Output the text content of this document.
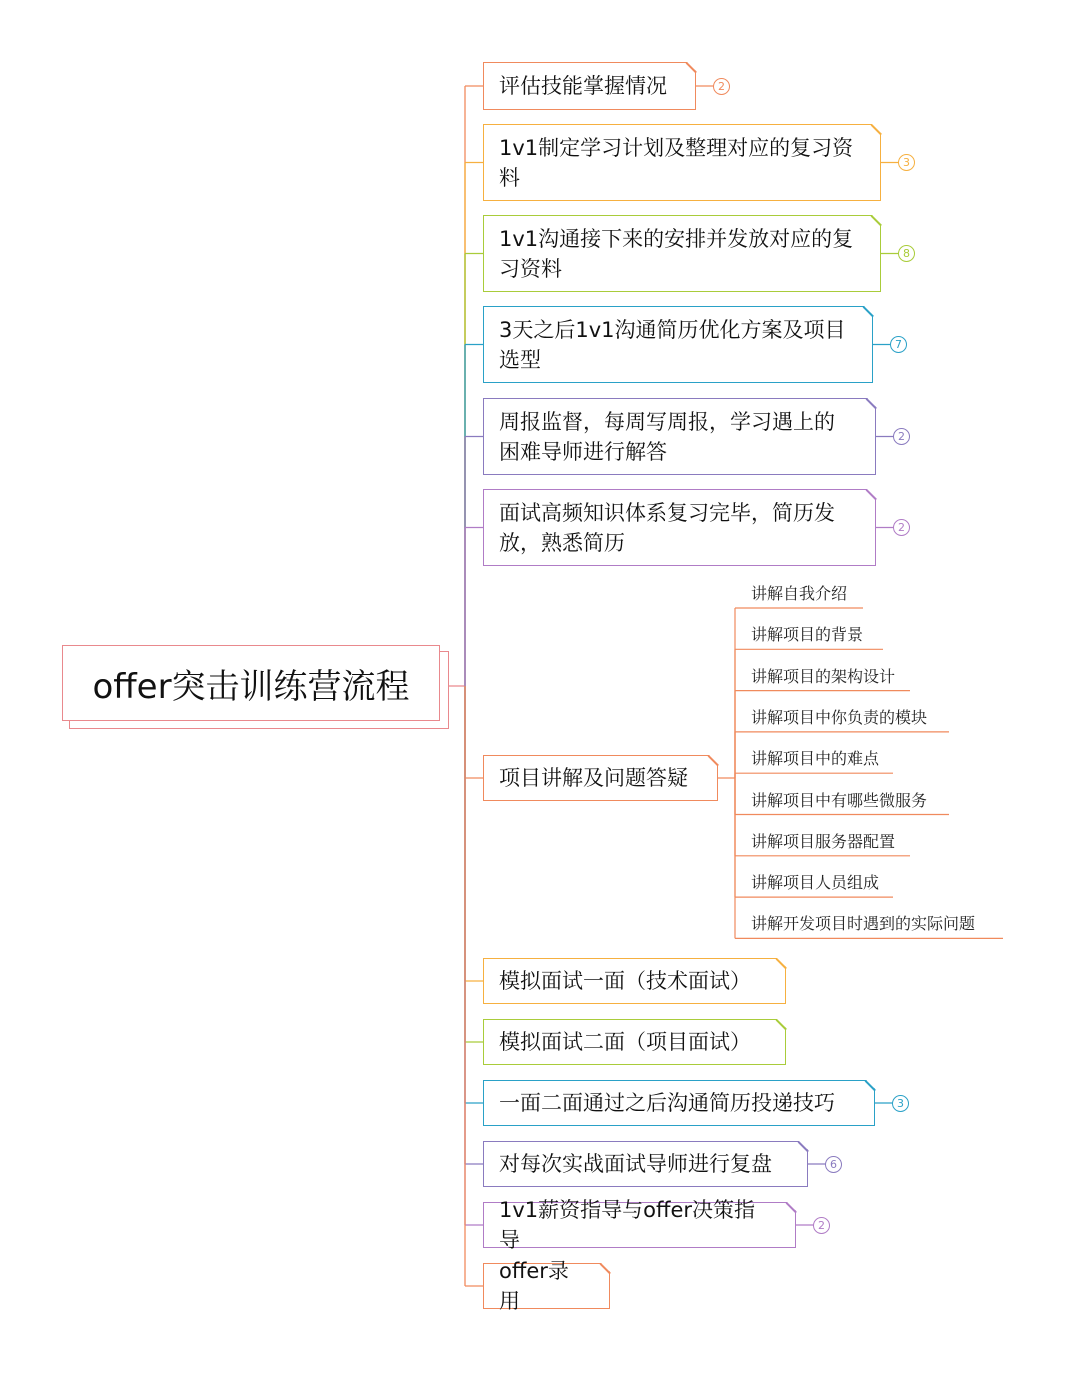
offer突击训练营流程
评估技能掌握情况	2
1v1制定学习计划及整理对应的复习资料
3
1v1沟通接下来的安排并发放对应的复习资料
8
3天之后1v1沟通简历优化方案及项目选型
7
周报监督，每周写周报，学习遇上的困难导师进行解答
2
面试高频知识体系复习完毕，简历发放，熟悉简历
2
项目讲解及问题答疑
模拟面试一面（技术面试）
模拟面试二面（项目面试）
一面二面通过之后沟通简历投递技巧	3
对每次实战面试导师进行复盘	6
1v1薪资指导与offer决策指导
2
offer录用
讲解自我介绍
讲解项目的背景
讲解项目的架构设计
讲解项目中你负责的模块
讲解项目中的难点
讲解项目中有哪些微服务
讲解项目服务器配置
讲解项目人员组成
讲解开发项目时遇到的实际问题
